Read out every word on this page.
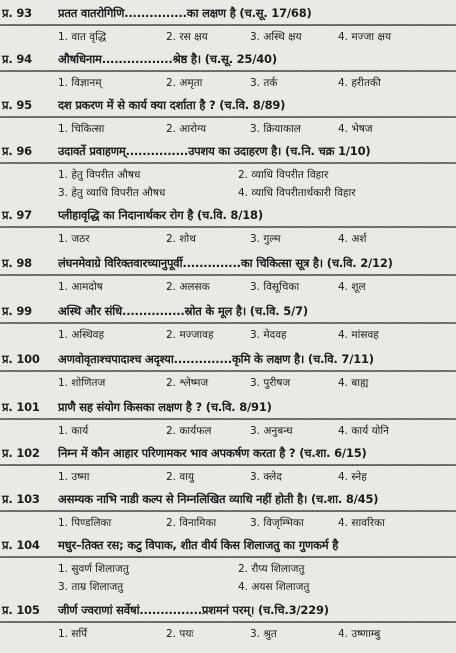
प्र. 93 प्रतत वातरोगिणि...............का लक्षण है (च.सू. 17/68)
1. वात वृद्धि	2. रस क्षय	3. अस्थि क्षय	4. मज्जा क्षय
प्र. 94 औषधिनाम.................श्रेष्ठ है। (च.सू. 25/40)
1. विज्ञानम्	2. अमृता	3. तर्क	4. हरीतकी
प्र. 95 दश प्रकरण में से कार्य क्या दर्शाता है ? (च.वि. 8/89)
1. चिकित्सा	2. आरोग्य	3. क्रियाकाल	4. भेषज
प्र. 96 उदावर्ते प्रवाहणम्...............उपशय का उदाहरण है। (च.नि. चक्र 1/10)
1. हेतु विपरीत औषध	2. व्याधि विपरीत विहार
3. हेतु व्याधि विपरीत औषध	4. व्याधि विपरीतार्थकारी विहार
प्र. 97 प्लीहावृद्धि का निदानार्थकर रोग है (च.वि. 8/18)
1. जठर	2. शोथ	3. गुल्म	4. अर्श
प्र. 98 लंघनमेवाग्रे विरिक्तवारच्यानुपूर्वी..............का चिकित्सा सूत्र है। (च.वि. 2/12)
1. आमदोष	2. अलसक	3. विसूचिका	4. शूल
प्र. 99 अस्थि और संधि...............स्रोत के मूल है। (च.वि. 5/7)
1. अस्थिवह	2. मज्जावह	3. मेदवह	4. मांसवह
प्र. 100 अणवोवृताश्चपादाश्च अदृश्या..............कृमि के लक्षण है। (च.वि. 7/11)
1. शोणितज	2. श्लेष्मज	3. पुरीषज	4. बाह्य
प्र. 101 प्राणै सह संयोग किसका लक्षण है ? (च.वि. 8/91)
1. कार्य	2. कार्यफल	3. अनुबन्ध	4. कार्य योनि
प्र. 102 निम्न में कौन आहार परिणामकर भाव अपकर्षण करता है ? (च.शा. 6/15)
1. उष्मा	2. वायु	3. क्लेद	4. स्नेह
प्र. 103 असम्यक नाभि नाडी कल्प से निम्नलिखित व्याधि नहीं होती है। (च.शा. 8/45)
1. पिण्डलिका	2. विनामिका	3. विजृम्भिका	4. सावरिका
प्र. 104 मधुर–तिक्त रस; कटु विपाक, शीत वीर्य किस शिलाजतु का गुणकर्म है
1. सुवर्ण शिलाजतु	2. रौप्य शिलाजतु
3. ताम्र शिलाजतु	4. अयस शिलाजतु
प्र. 105 जीर्ण ज्वराणां सर्वेषां...............प्रशमनं परम्। (च.चि.3/229)
1. सर्पि	2. पयः	3. श्रुत	4. उष्णाम्बु
